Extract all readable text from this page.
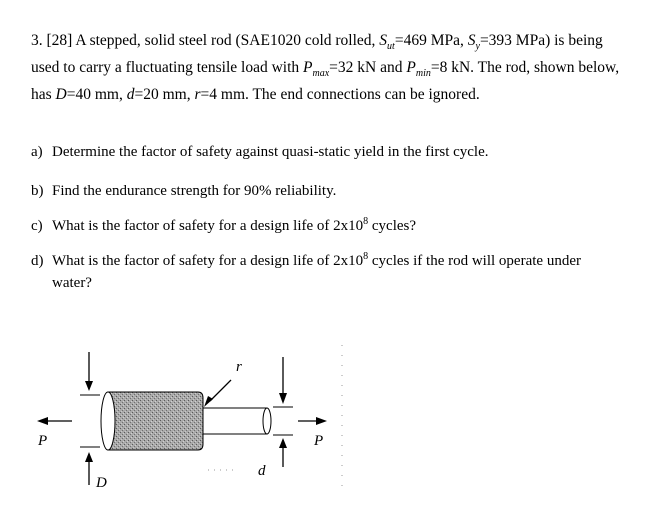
3. [28] A stepped, solid steel rod (SAE1020 cold rolled, $S_{ut}=469$ MPa, $S_y=393$ MPa) is being
used to carry a fluctuating tensile load with $P_{max}=32$ kN and $P_{min}=8$ kN. The rod, shown below,
has D=40 mm, d=20 mm, r=4 mm. The end connections can be ignored.
a) Determine the factor of safety against quasi-static yield in the first cycle.
b) Find the endurance strength for 90% reliability.
c) What is the factor of safety for a design life of $2x10^8$ cycles?
d) What is the factor of safety for a design life of $2x10^8$ cycles if the rod will operate under
water?
r
D
d
P	P
